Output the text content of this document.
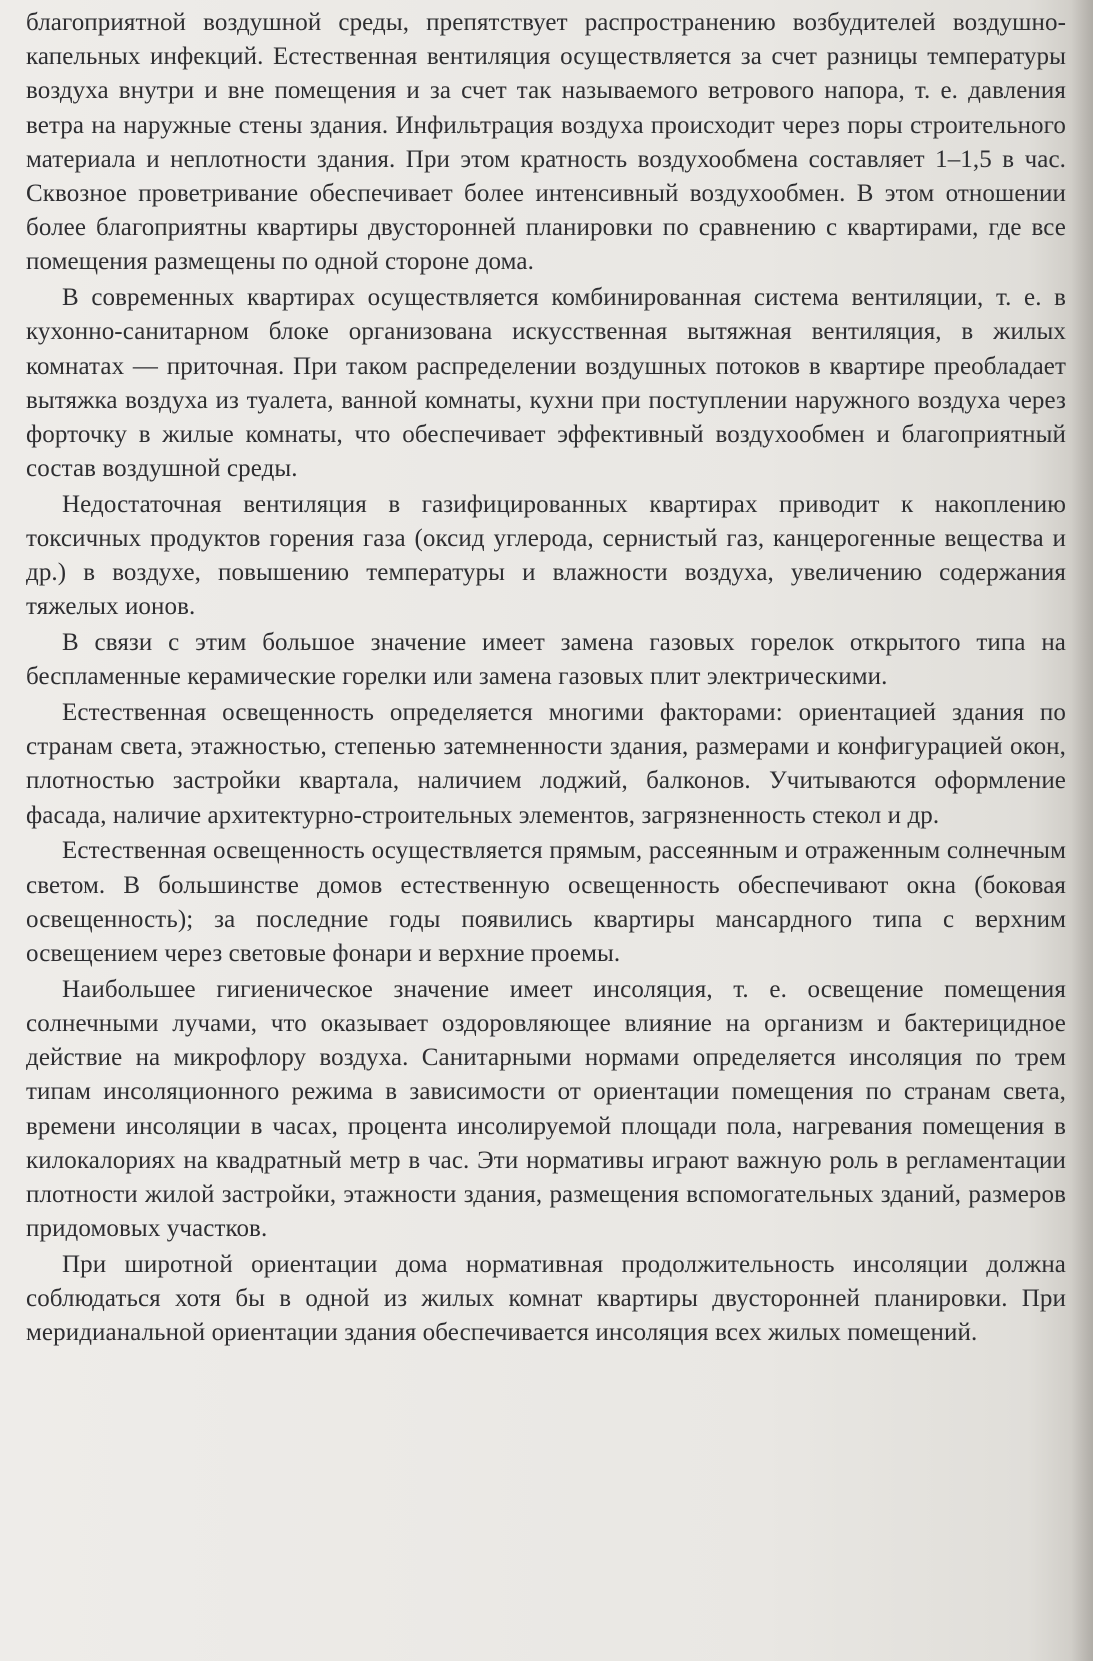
благоприятной воздушной среды, препятствует распространению возбудителей воздушно-капельных инфекций. Естественная вентиляция осуществляется за счет разницы температуры воздуха внутри и вне помещения и за счет так называемого ветрового напора, т. е. давления ветра на наружные стены здания. Инфильтрация воздуха происходит через поры строительного материала и неплотности здания. При этом кратность воздухообмена составляет 1–1,5 в час. Сквозное проветривание обеспечивает более интенсивный воздухообмен. В этом отношении более благоприятны квартиры двусторонней планировки по сравнению с квартирами, где все помещения размещены по одной стороне дома.

В современных квартирах осуществляется комбинированная система вентиляции, т. е. в кухонно-санитарном блоке организована искусственная вытяжная вентиляция, в жилых комнатах — приточная. При таком распределении воздушных потоков в квартире преобладает вытяжка воздуха из туалета, ванной комнаты, кухни при поступлении наружного воздуха через форточку в жилые комнаты, что обеспечивает эффективный воздухообмен и благоприятный состав воздушной среды.

Недостаточная вентиляция в газифицированных квартирах приводит к накоплению токсичных продуктов горения газа (оксид углерода, сернистый газ, канцерогенные вещества и др.) в воздухе, повышению температуры и влажности воздуха, увеличению содержания тяжелых ионов.

В связи с этим большое значение имеет замена газовых горелок открытого типа на беспламенные керамические горелки или замена газовых плит электрическими.

Естественная освещенность определяется многими факторами: ориентацией здания по странам света, этажностью, степенью затемненности здания, размерами и конфигурацией окон, плотностью застройки квартала, наличием лоджий, балконов. Учитываются оформление фасада, наличие архитектурно-строительных элементов, загрязненность стекол и др.

Естественная освещенность осуществляется прямым, рассеянным и отраженным солнечным светом. В большинстве домов естественную освещенность обеспечивают окна (боковая освещенность); за последние годы появились квартиры мансардного типа с верхним освещением через световые фонари и верхние проемы.

Наибольшее гигиеническое значение имеет инсоляция, т. е. освещение помещения солнечными лучами, что оказывает оздоровляющее влияние на организм и бактерицидное действие на микрофлору воздуха. Санитарными нормами определяется инсоляция по трем типам инсоляционного режима в зависимости от ориентации помещения по странам света, времени инсоляции в часах, процента инсолируемой площади пола, нагревания помещения в килокалориях на квадратный метр в час. Эти нормативы играют важную роль в регламентации плотности жилой застройки, этажности здания, размещения вспомогательных зданий, размеров придомовых участков.

При широтной ориентации дома нормативная продолжительность инсоляции должна соблюдаться хотя бы в одной из жилых комнат квартиры двусторонней планировки. При меридианальной ориентации здания обеспечивается инсоляция всех жилых помещений.
